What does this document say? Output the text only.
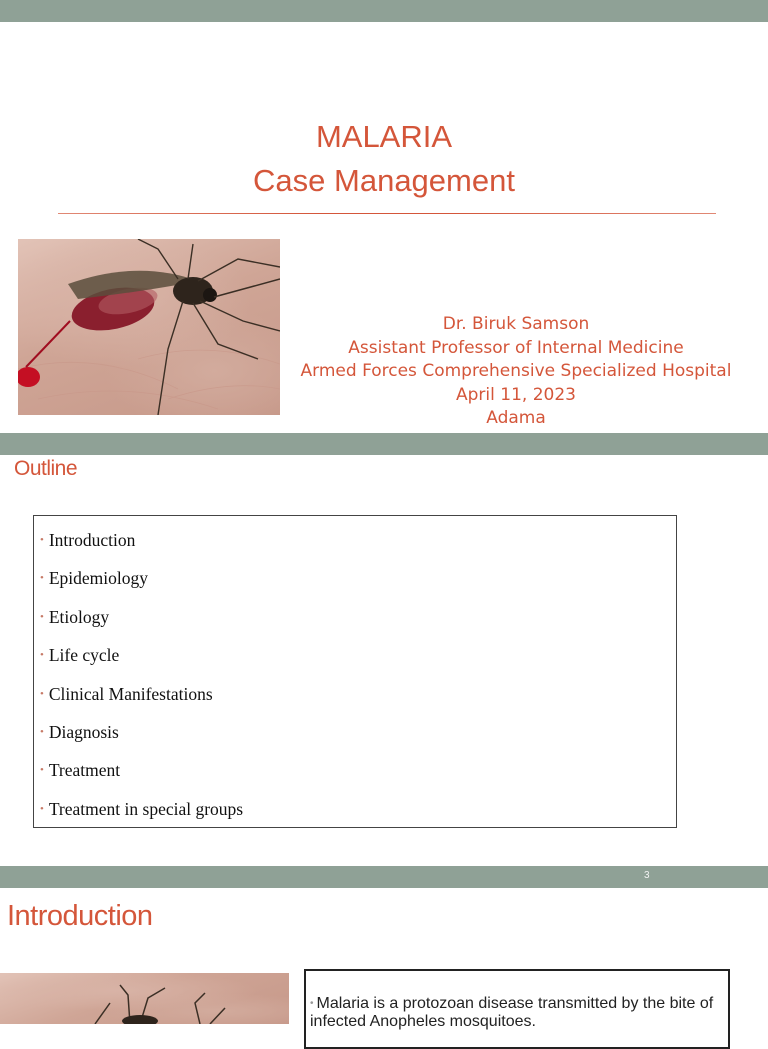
MALARIA
Case Management
Dr. Biruk Samson
Assistant Professor of Internal Medicine
Armed Forces Comprehensive Specialized Hospital
April 11, 2023
Adama
Outline
• Introduction
• Epidemiology
• Etiology
• Life cycle
• Clinical Manifestations
• Diagnosis
• Treatment
• Treatment in special groups
3
Introduction
• Malaria is a protozoan disease transmitted by the bite of infected Anopheles mosquitoes.
